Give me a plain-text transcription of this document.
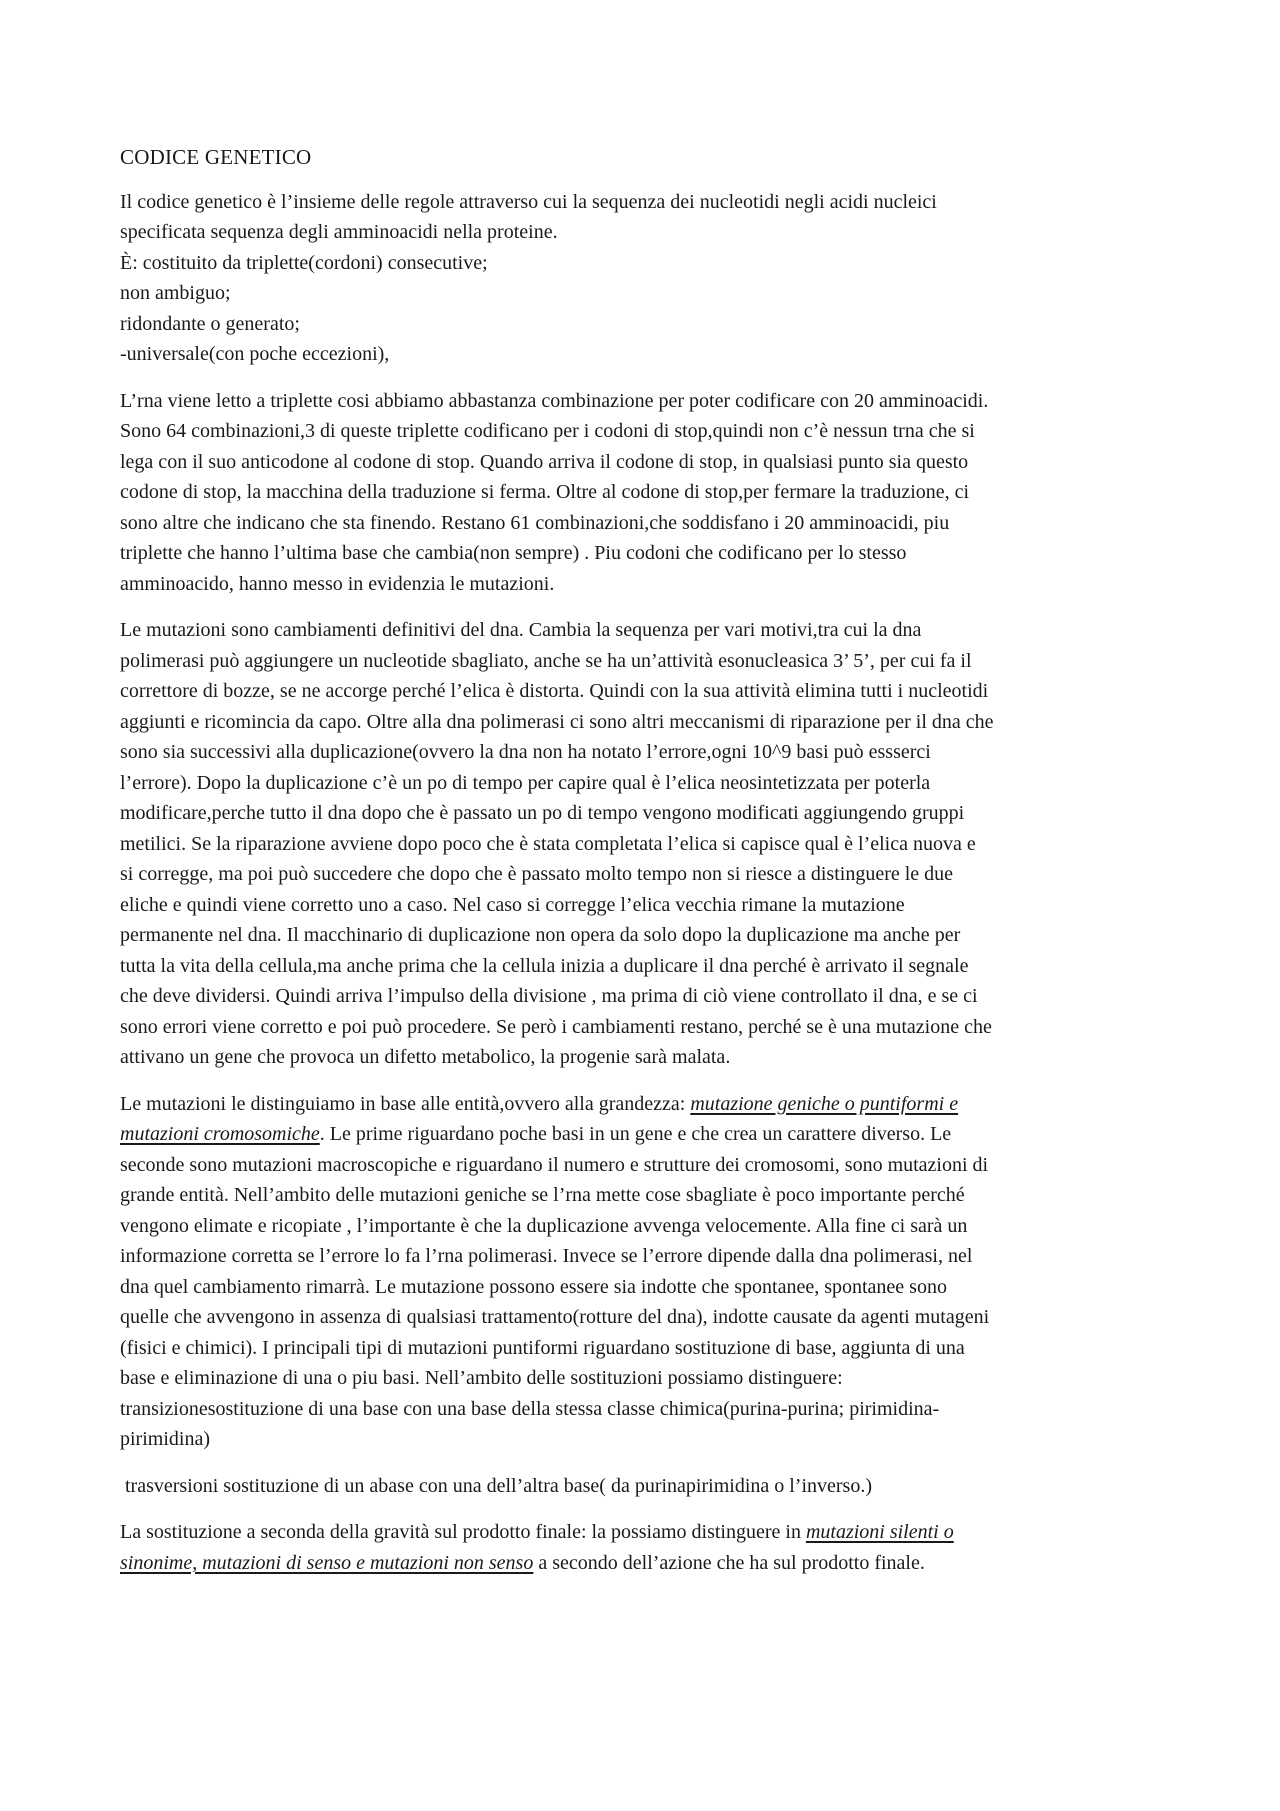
CODICE GENETICO

Il codice genetico è l’insieme delle regole attraverso cui la sequenza dei nucleotidi negli acidi nucleici
specificata sequenza degli amminoacidi nella proteine.
È: costituito da triplette(cordoni) consecutive;
non ambiguo;
ridondante o generato;
-universale(con poche eccezioni),

L’rna viene letto a triplette cosi abbiamo abbastanza combinazione per poter codificare con 20 amminoacidi.
Sono 64 combinazioni,3 di queste triplette codificano per i codoni di stop,quindi non c’è nessun trna che si
lega con il suo anticodone al codone di stop. Quando arriva il codone di stop, in qualsiasi punto sia questo
codone di stop, la macchina della traduzione si ferma. Oltre al codone di stop,per fermare la traduzione, ci
sono altre che indicano che sta finendo. Restano 61 combinazioni,che soddisfano i 20 amminoacidi, piu
triplette che hanno l’ultima base che cambia(non sempre) . Piu codoni che codificano per lo stesso
amminoacido, hanno messo in evidenzia le mutazioni.

Le mutazioni sono cambiamenti definitivi del dna. Cambia la sequenza per vari motivi,tra cui la dna
polimerasi può aggiungere un nucleotide sbagliato, anche se ha un’attività esonucleasica 3’ 5’, per cui fa il
correttore di bozze, se ne accorge perché l’elica è distorta. Quindi con la sua attività elimina tutti i nucleotidi
aggiunti e ricomincia da capo. Oltre alla dna polimerasi ci sono altri meccanismi di riparazione per il dna che
sono sia successivi alla duplicazione(ovvero la dna non ha notato l’errore,ogni 10^9 basi può essserci
l’errore). Dopo la duplicazione c’è un po di tempo per capire qual è l’elica neosintetizzata per poterla
modificare,perche tutto il dna dopo che è passato un po di tempo vengono modificati aggiungendo gruppi
metilici. Se la riparazione avviene dopo poco che è stata completata l’elica si capisce qual è l’elica nuova e
si corregge, ma poi può succedere che dopo che è passato molto tempo non si riesce a distinguere le due
eliche e quindi viene corretto uno a caso. Nel caso si corregge l’elica vecchia rimane la mutazione
permanente nel dna. Il macchinario di duplicazione non opera da solo dopo la duplicazione ma anche per
tutta la vita della cellula,ma anche prima che la cellula inizia a duplicare il dna perché è arrivato il segnale
che deve dividersi. Quindi arriva l’impulso della divisione , ma prima di ciò viene controllato il dna, e se ci
sono errori viene corretto e poi può procedere. Se però i cambiamenti restano, perché se è una mutazione che
attivano un gene che provoca un difetto metabolico, la progenie sarà malata.

Le mutazioni le distinguiamo in base alle entità,ovvero alla grandezza: mutazione geniche o puntiformi e
mutazioni cromosomiche. Le prime riguardano poche basi in un gene e che crea un carattere diverso. Le
seconde sono mutazioni macroscopiche e riguardano il numero e strutture dei cromosomi, sono mutazioni di
grande entità. Nell’ambito delle mutazioni geniche se l’rna mette cose sbagliate è poco importante perché
vengono elimate e ricopiate , l’importante è che la duplicazione avvenga velocemente. Alla fine ci sarà un
informazione corretta se l’errore lo fa l’rna polimerasi. Invece se l’errore dipende dalla dna polimerasi, nel
dna quel cambiamento rimarrà. Le mutazione possono essere sia indotte che spontanee, spontanee sono
quelle che avvengono in assenza di qualsiasi trattamento(rotture del dna), indotte causate da agenti mutageni
(fisici e chimici). I principali tipi di mutazioni puntiformi riguardano sostituzione di base, aggiunta di una
base e eliminazione di una o piu basi. Nell’ambito delle sostituzioni possiamo distinguere:
transizionesostituzione di una base con una base della stessa classe chimica(purina-purina; pirimidina-
pirimidina)

trasversioni sostituzione di un abase con una dell’altra base( da purinapirimidina o l’inverso.)

La sostituzione a seconda della gravità sul prodotto finale: la possiamo distinguere in mutazioni silenti o
sinonime, mutazioni di senso e mutazioni non senso a secondo dell’azione che ha sul prodotto finale.
